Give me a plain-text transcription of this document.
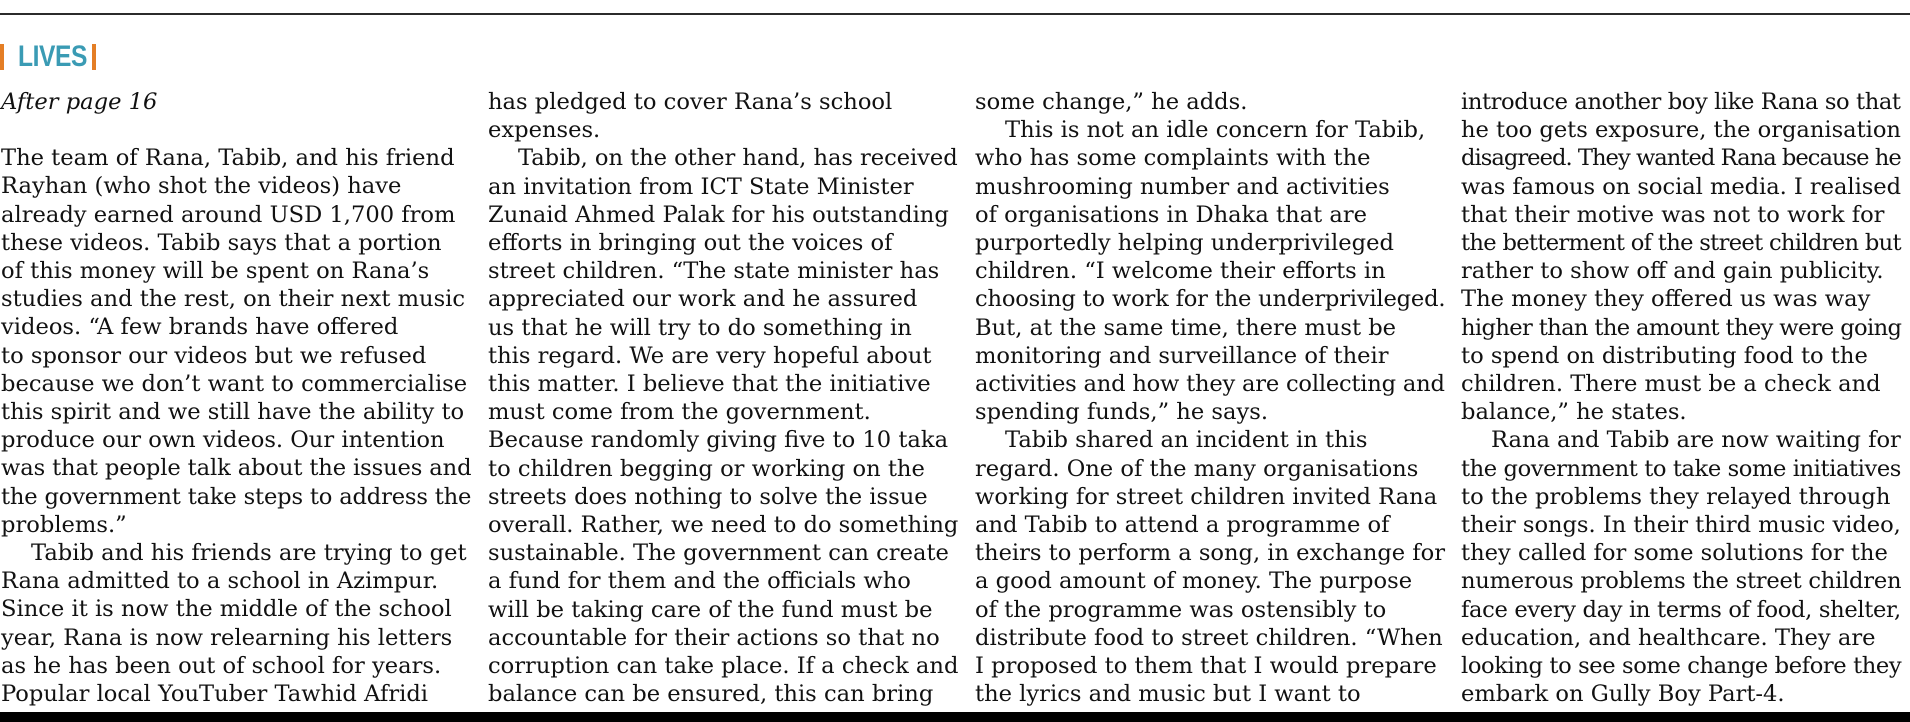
LIVES

After page 16

The team of Rana, Tabib, and his friend

Rayhan (who shot the videos) have

already earned around USD 1,700 from

these videos. Tabib says that a portion

of this money will be spent on Rana’s

studies and the rest, on their next music

videos. “A few brands have offered

to sponsor our videos but we refused

because we don’t want to commercialise

this spirit and we still have the ability to

produce our own videos. Our intention

was that people talk about the issues and

the government take steps to address the

problems.”

Tabib and his friends are trying to get

Rana admitted to a school in Azimpur.

Since it is now the middle of the school

year, Rana is now relearning his letters

as he has been out of school for years.

Popular local YouTuber Tawhid Afridi

has pledged to cover Rana’s school

expenses.

Tabib, on the other hand, has received

an invitation from ICT State Minister

Zunaid Ahmed Palak for his outstanding

efforts in bringing out the voices of

street children. “The state minister has

appreciated our work and he assured

us that he will try to do something in

this regard. We are very hopeful about

this matter. I believe that the initiative

must come from the government.

Because randomly giving five to 10 taka

to children begging or working on the

streets does nothing to solve the issue

overall. Rather, we need to do something

sustainable. The government can create

a fund for them and the officials who

will be taking care of the fund must be

accountable for their actions so that no

corruption can take place. If a check and

balance can be ensured, this can bring

some change,” he adds.

This is not an idle concern for Tabib,

who has some complaints with the

mushrooming number and activities

of organisations in Dhaka that are

purportedly helping underprivileged

children. “I welcome their efforts in

choosing to work for the underprivileged.

But, at the same time, there must be

monitoring and surveillance of their

activities and how they are collecting and

spending funds,” he says.

Tabib shared an incident in this

regard. One of the many organisations

working for street children invited Rana

and Tabib to attend a programme of

theirs to perform a song, in exchange for

a good amount of money. The purpose

of the programme was ostensibly to

distribute food to street children. “When

I proposed to them that I would prepare

the lyrics and music but I want to

introduce another boy like Rana so that

he too gets exposure, the organisation

disagreed. They wanted Rana because he

was famous on social media. I realised

that their motive was not to work for

the betterment of the street children but

rather to show off and gain publicity.

The money they offered us was way

higher than the amount they were going

to spend on distributing food to the

children. There must be a check and

balance,” he states.

Rana and Tabib are now waiting for

the government to take some initiatives

to the problems they relayed through

their songs. In their third music video,

they called for some solutions for the

numerous problems the street children

face every day in terms of food, shelter,

education, and healthcare. They are

looking to see some change before they

embark on Gully Boy Part-4.
